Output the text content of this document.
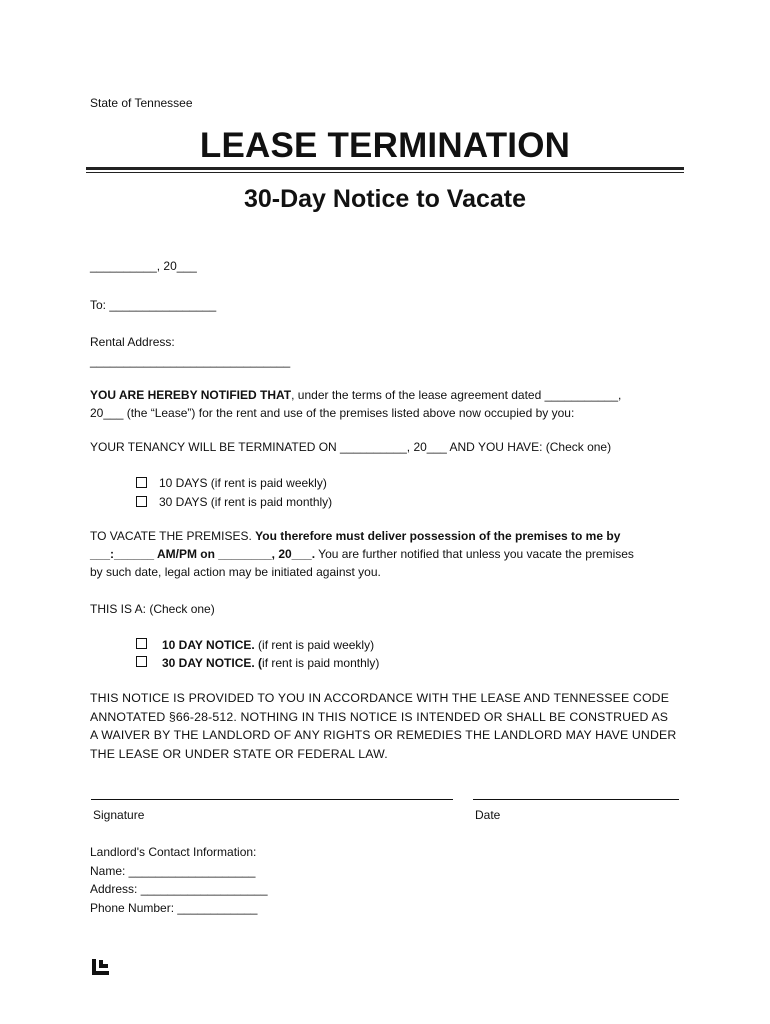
State of Tennessee
LEASE TERMINATION
30-Day Notice to Vacate
__________, 20___
To: ________________
Rental Address:
______________________________
YOU ARE HEREBY NOTIFIED THAT, under the terms of the lease agreement dated ___________,
20___ (the “Lease”) for the rent and use of the premises listed above now occupied by you:
YOUR TENANCY WILL BE TERMINATED ON __________, 20___ AND YOU HAVE: (Check one)
10 DAYS (if rent is paid weekly)
30 DAYS (if rent is paid monthly)
TO VACATE THE PREMISES. You therefore must deliver possession of the premises to me by
___:______ AM/PM on ________, 20___. You are further notified that unless you vacate the premises
by such date, legal action may be initiated against you.
THIS IS A: (Check one)
10 DAY NOTICE. (if rent is paid weekly)
30 DAY NOTICE. (if rent is paid monthly)
THIS NOTICE IS PROVIDED TO YOU IN ACCORDANCE WITH THE LEASE AND TENNESSEE CODE
ANNOTATED §66-28-512. NOTHING IN THIS NOTICE IS INTENDED OR SHALL BE CONSTRUED AS
A WAIVER BY THE LANDLORD OF ANY RIGHTS OR REMEDIES THE LANDLORD MAY HAVE UNDER
THE LEASE OR UNDER STATE OR FEDERAL LAW.
Signature	Date
Landlord's Contact Information:
Name: ___________________
Address: ___________________
Phone Number: ____________
